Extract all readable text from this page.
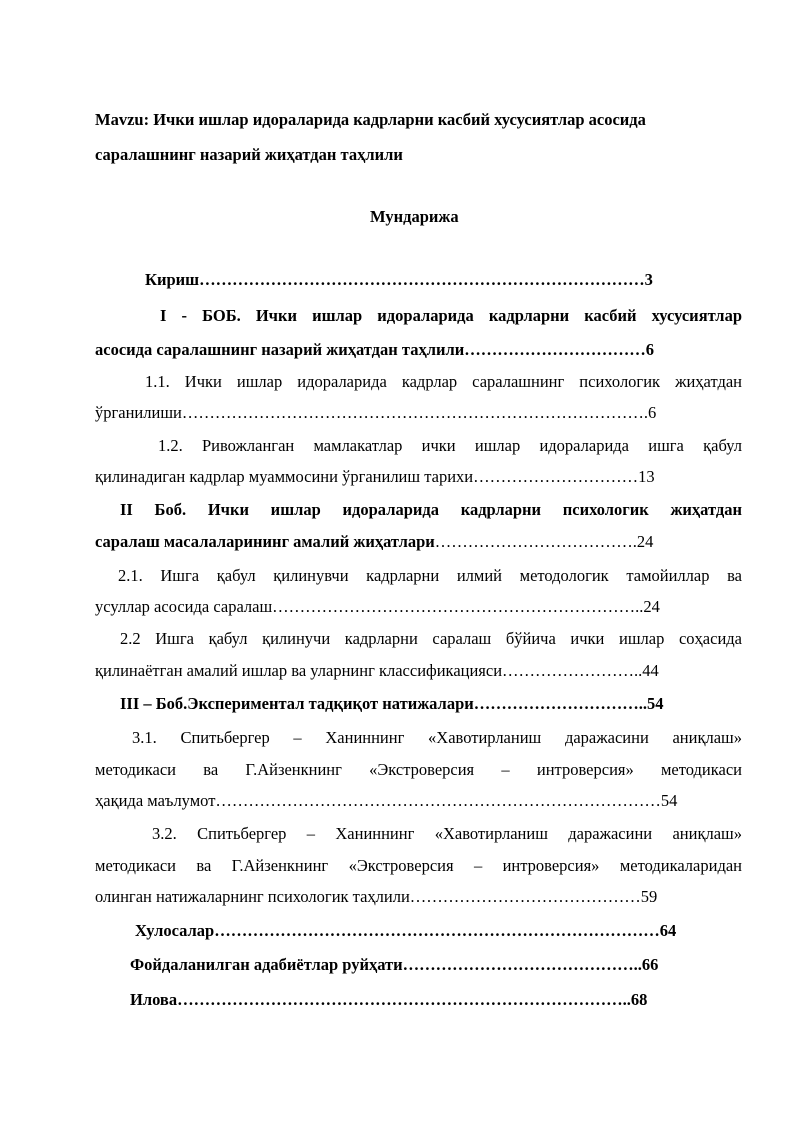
Mavzu: Ички ишлар идораларида кадрларни касбий хусусиятлар асосида
саралашнинг назарий жиҳатдан таҳлили
Мундарижа
Кириш………………………………………………………………………3
I - БОБ. Ички ишлар идораларида кадрларни касбий хусусиятлар
асосида саралашнинг назарий жиҳатдан таҳлили……………………………6
1.1. Ички ишлар идораларида кадрлар саралашнинг психологик жиҳатдан
ўрганилиши………………………………………………………………………….6
1.2. Ривожланган мамлакатлар ички ишлар идораларида ишга қабул
қилинадиган кадрлар муаммосини ўрганилиш тарихи…………………………13
II Боб. Ички ишлар идораларида кадрларни психологик жиҳатдан
саралаш масалаларининг амалий жиҳатлари……………………………….24
2.1. Ишга қабул қилинувчи кадрларни илмий методологик тамойиллар ва
усуллар асосида саралаш…………………………………………………………..24
2.2 Ишга қабул қилинучи кадрларни саралаш бўйича ички ишлар соҳасида
қилинаётган амалий ишлар ва уларнинг классификацияси……………………..44
III – Боб.Экспериментал тадқиқот натижалари…………………………..54
3.1. Спитьбергер – Ханиннинг «Хавотирланиш даражасини аниқлаш»
методикаси ва Г.Айзенкнинг «Экстроверсия – интроверсия» методикаси
ҳақида маълумот………………………………………………………………………54
3.2. Спитьбергер – Ханиннинг «Хавотирланиш даражасини аниқлаш»
методикаси ва Г.Айзенкнинг «Экстроверсия – интроверсия» методикаларидан
олинган натижаларнинг психологик таҳлили……………………………………59
Хулосалар………………………………………………………………………64
Фойдаланилган адабиётлар руйҳати……………………………………..66
Илова………………………………………………………………………..68
